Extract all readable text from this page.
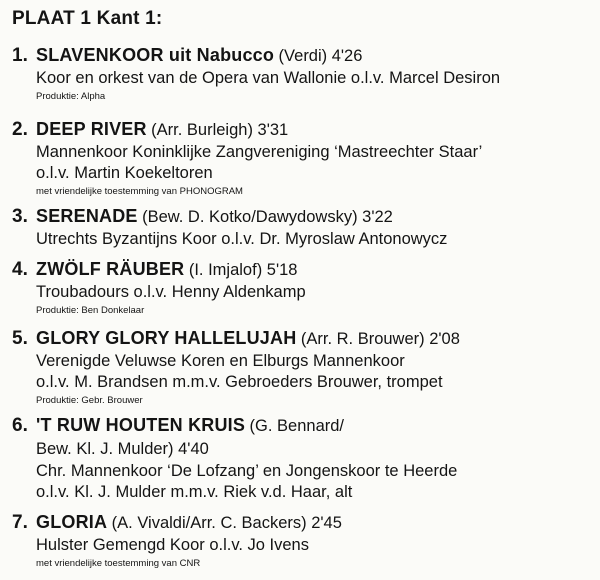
PLAAT 1 Kant 1:
1. SLAVENKOOR uit Nabucco (Verdi) 4'26
Koor en orkest van de Opera van Wallonie o.l.v. Marcel Desiron
Produktie: Alpha
2. DEEP RIVER (Arr. Burleigh) 3'31
Mannenkoor Koninklijke Zangvereniging ‘Mastreechter Staar’
o.l.v. Martin Koekeltoren
met vriendelijke toestemming van PHONOGRAM
3. SERENADE (Bew. D. Kotko/Dawydowsky) 3'22
Utrechts Byzantijns Koor o.l.v. Dr. Myroslaw Antonowycz
4. ZWÖLF RÄUBER (I. Imjalof) 5'18
Troubadours o.l.v. Henny Aldenkamp
Produktie: Ben Donkelaar
5. GLORY GLORY HALLELUJAH (Arr. R. Brouwer) 2'08
Verenigde Veluwse Koren en Elburgs Mannenkoor
o.l.v. M. Brandsen m.m.v. Gebroeders Brouwer, trompet
Produktie: Gebr. Brouwer
6. 'T RUW HOUTEN KRUIS (G. Bennard/
Bew. Kl. J. Mulder) 4'40
Chr. Mannenkoor ‘De Lofzang’ en Jongenskoor te Heerde
o.l.v. Kl. J. Mulder m.m.v. Riek v.d. Haar, alt
7. GLORIA (A. Vivaldi/Arr. C. Backers) 2'45
Hulster Gemengd Koor o.l.v. Jo Ivens
met vriendelijke toestemming van CNR
